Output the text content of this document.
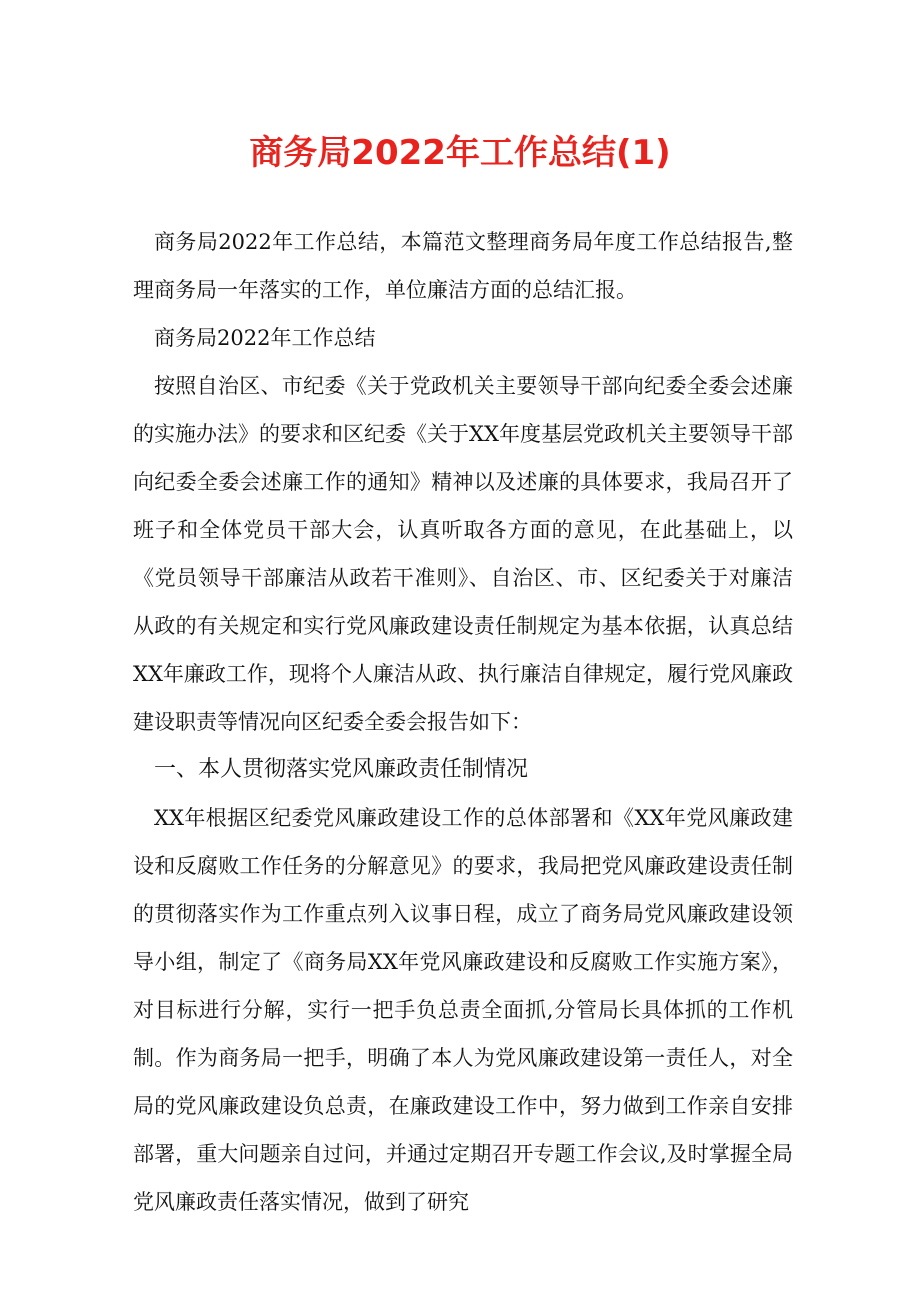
商务局2022年工作总结(1)

商务局2022年工作总结，本篇范文整理商务局年度工作总结报告,整理商务局一年落实的工作，单位廉洁方面的总结汇报。

商务局2022年工作总结

按照自治区、市纪委《关于党政机关主要领导干部向纪委全委会述廉的实施办法》的要求和区纪委《关于XX年度基层党政机关主要领导干部向纪委全委会述廉工作的通知》精神以及述廉的具体要求，我局召开了班子和全体党员干部大会，认真听取各方面的意见，在此基础上，以《党员领导干部廉洁从政若干准则》、自治区、市、区纪委关于对廉洁从政的有关规定和实行党风廉政建设责任制规定为基本依据，认真总结XX年廉政工作，现将个人廉洁从政、执行廉洁自律规定，履行党风廉政建设职责等情况向区纪委全委会报告如下：

一、本人贯彻落实党风廉政责任制情况

XX年根据区纪委党风廉政建设工作的总体部署和《XX年党风廉政建设和反腐败工作任务的分解意见》的要求，我局把党风廉政建设责任制的贯彻落实作为工作重点列入议事日程，成立了商务局党风廉政建设领导小组，制定了《商务局XX年党风廉政建设和反腐败工作实施方案》，对目标进行分解，实行一把手负总责全面抓,分管局长具体抓的工作机制。作为商务局一把手，明确了本人为党风廉政建设第一责任人，对全局的党风廉政建设负总责，在廉政建设工作中，努力做到工作亲自安排部署，重大问题亲自过问，并通过定期召开专题工作会议,及时掌握全局党风廉政责任落实情况，做到了研究
